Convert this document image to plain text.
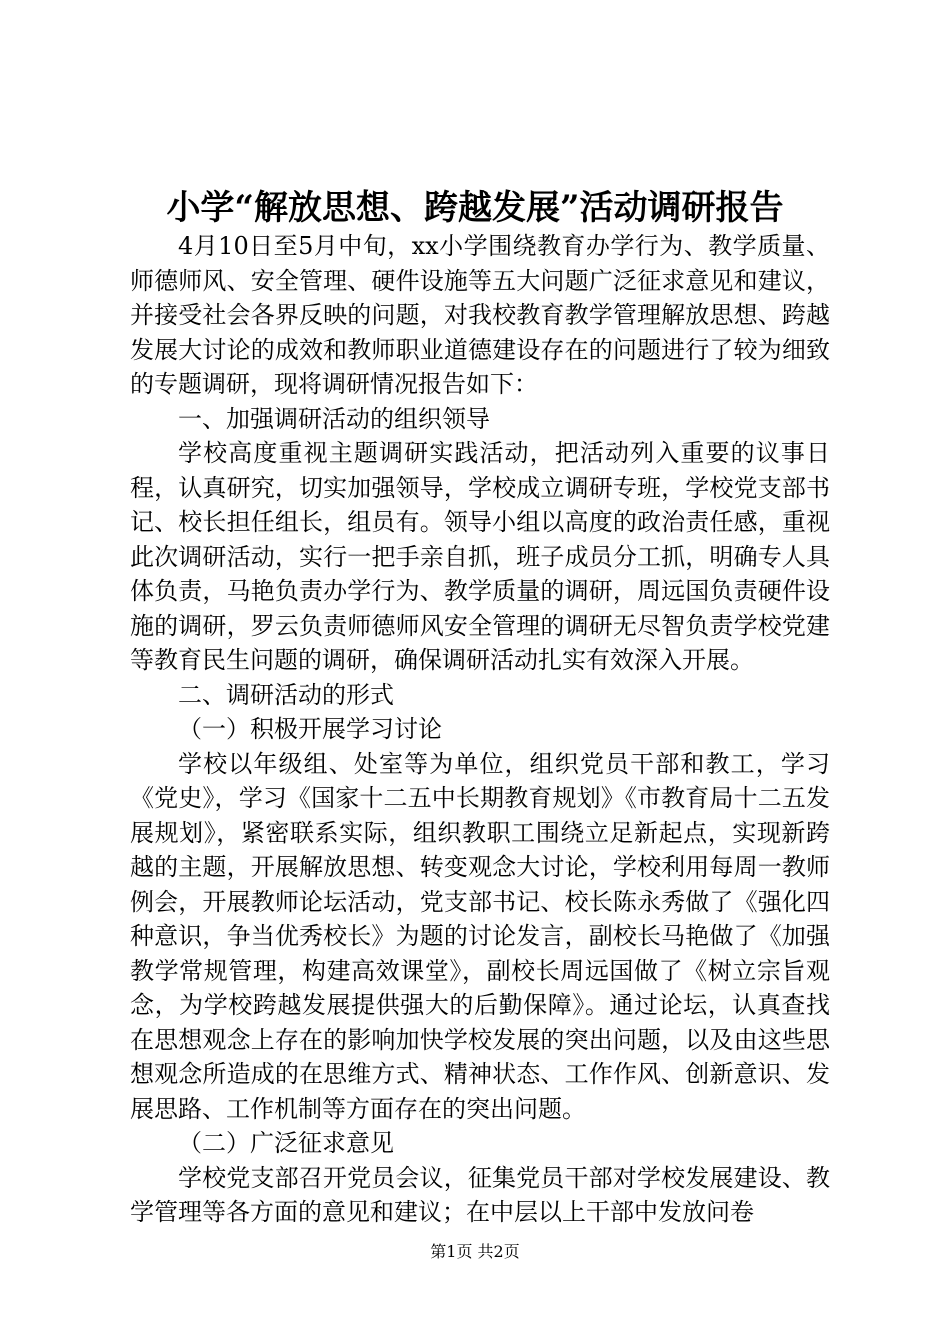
小学“解放思想、跨越发展”活动调研报告

4月10日至5月中旬，xx小学围绕教育办学行为、教学质量、师德师风、安全管理、硬件设施等五大问题广泛征求意见和建议，并接受社会各界反映的问题，对我校教育教学管理解放思想、跨越发展大讨论的成效和教师职业道德建设存在的问题进行了较为细致的专题调研，现将调研情况报告如下：

一、加强调研活动的组织领导

学校高度重视主题调研实践活动，把活动列入重要的议事日程，认真研究，切实加强领导，学校成立调研专班，学校党支部书记、校长担任组长，组员有。领导小组以高度的政治责任感，重视此次调研活动，实行一把手亲自抓，班子成员分工抓，明确专人具体负责，马艳负责办学行为、教学质量的调研，周远国负责硬件设施的调研，罗云负责师德师风安全管理的调研无尽智负责学校党建等教育民生问题的调研，确保调研活动扎实有效深入开展。

二、调研活动的形式

（一）积极开展学习讨论

学校以年级组、处室等为单位，组织党员干部和教工，学习《党史》，学习《国家十二五中长期教育规划》《市教育局十二五发展规划》，紧密联系实际，组织教职工围绕立足新起点，实现新跨越的主题，开展解放思想、转变观念大讨论，学校利用每周一教师例会，开展教师论坛活动，党支部书记、校长陈永秀做了《强化四种意识，争当优秀校长》为题的讨论发言，副校长马艳做了《加强教学常规管理，构建高效课堂》，副校长周远国做了《树立宗旨观念，为学校跨越发展提供强大的后勤保障》。通过论坛，认真查找在思想观念上存在的影响加快学校发展的突出问题，以及由这些思想观念所造成的在思维方式、精神状态、工作作风、创新意识、发展思路、工作机制等方面存在的突出问题。

（二）广泛征求意见

学校党支部召开党员会议，征集党员干部对学校发展建设、教学管理等各方面的意见和建议；在中层以上干部中发放问卷

第1页 共2页
